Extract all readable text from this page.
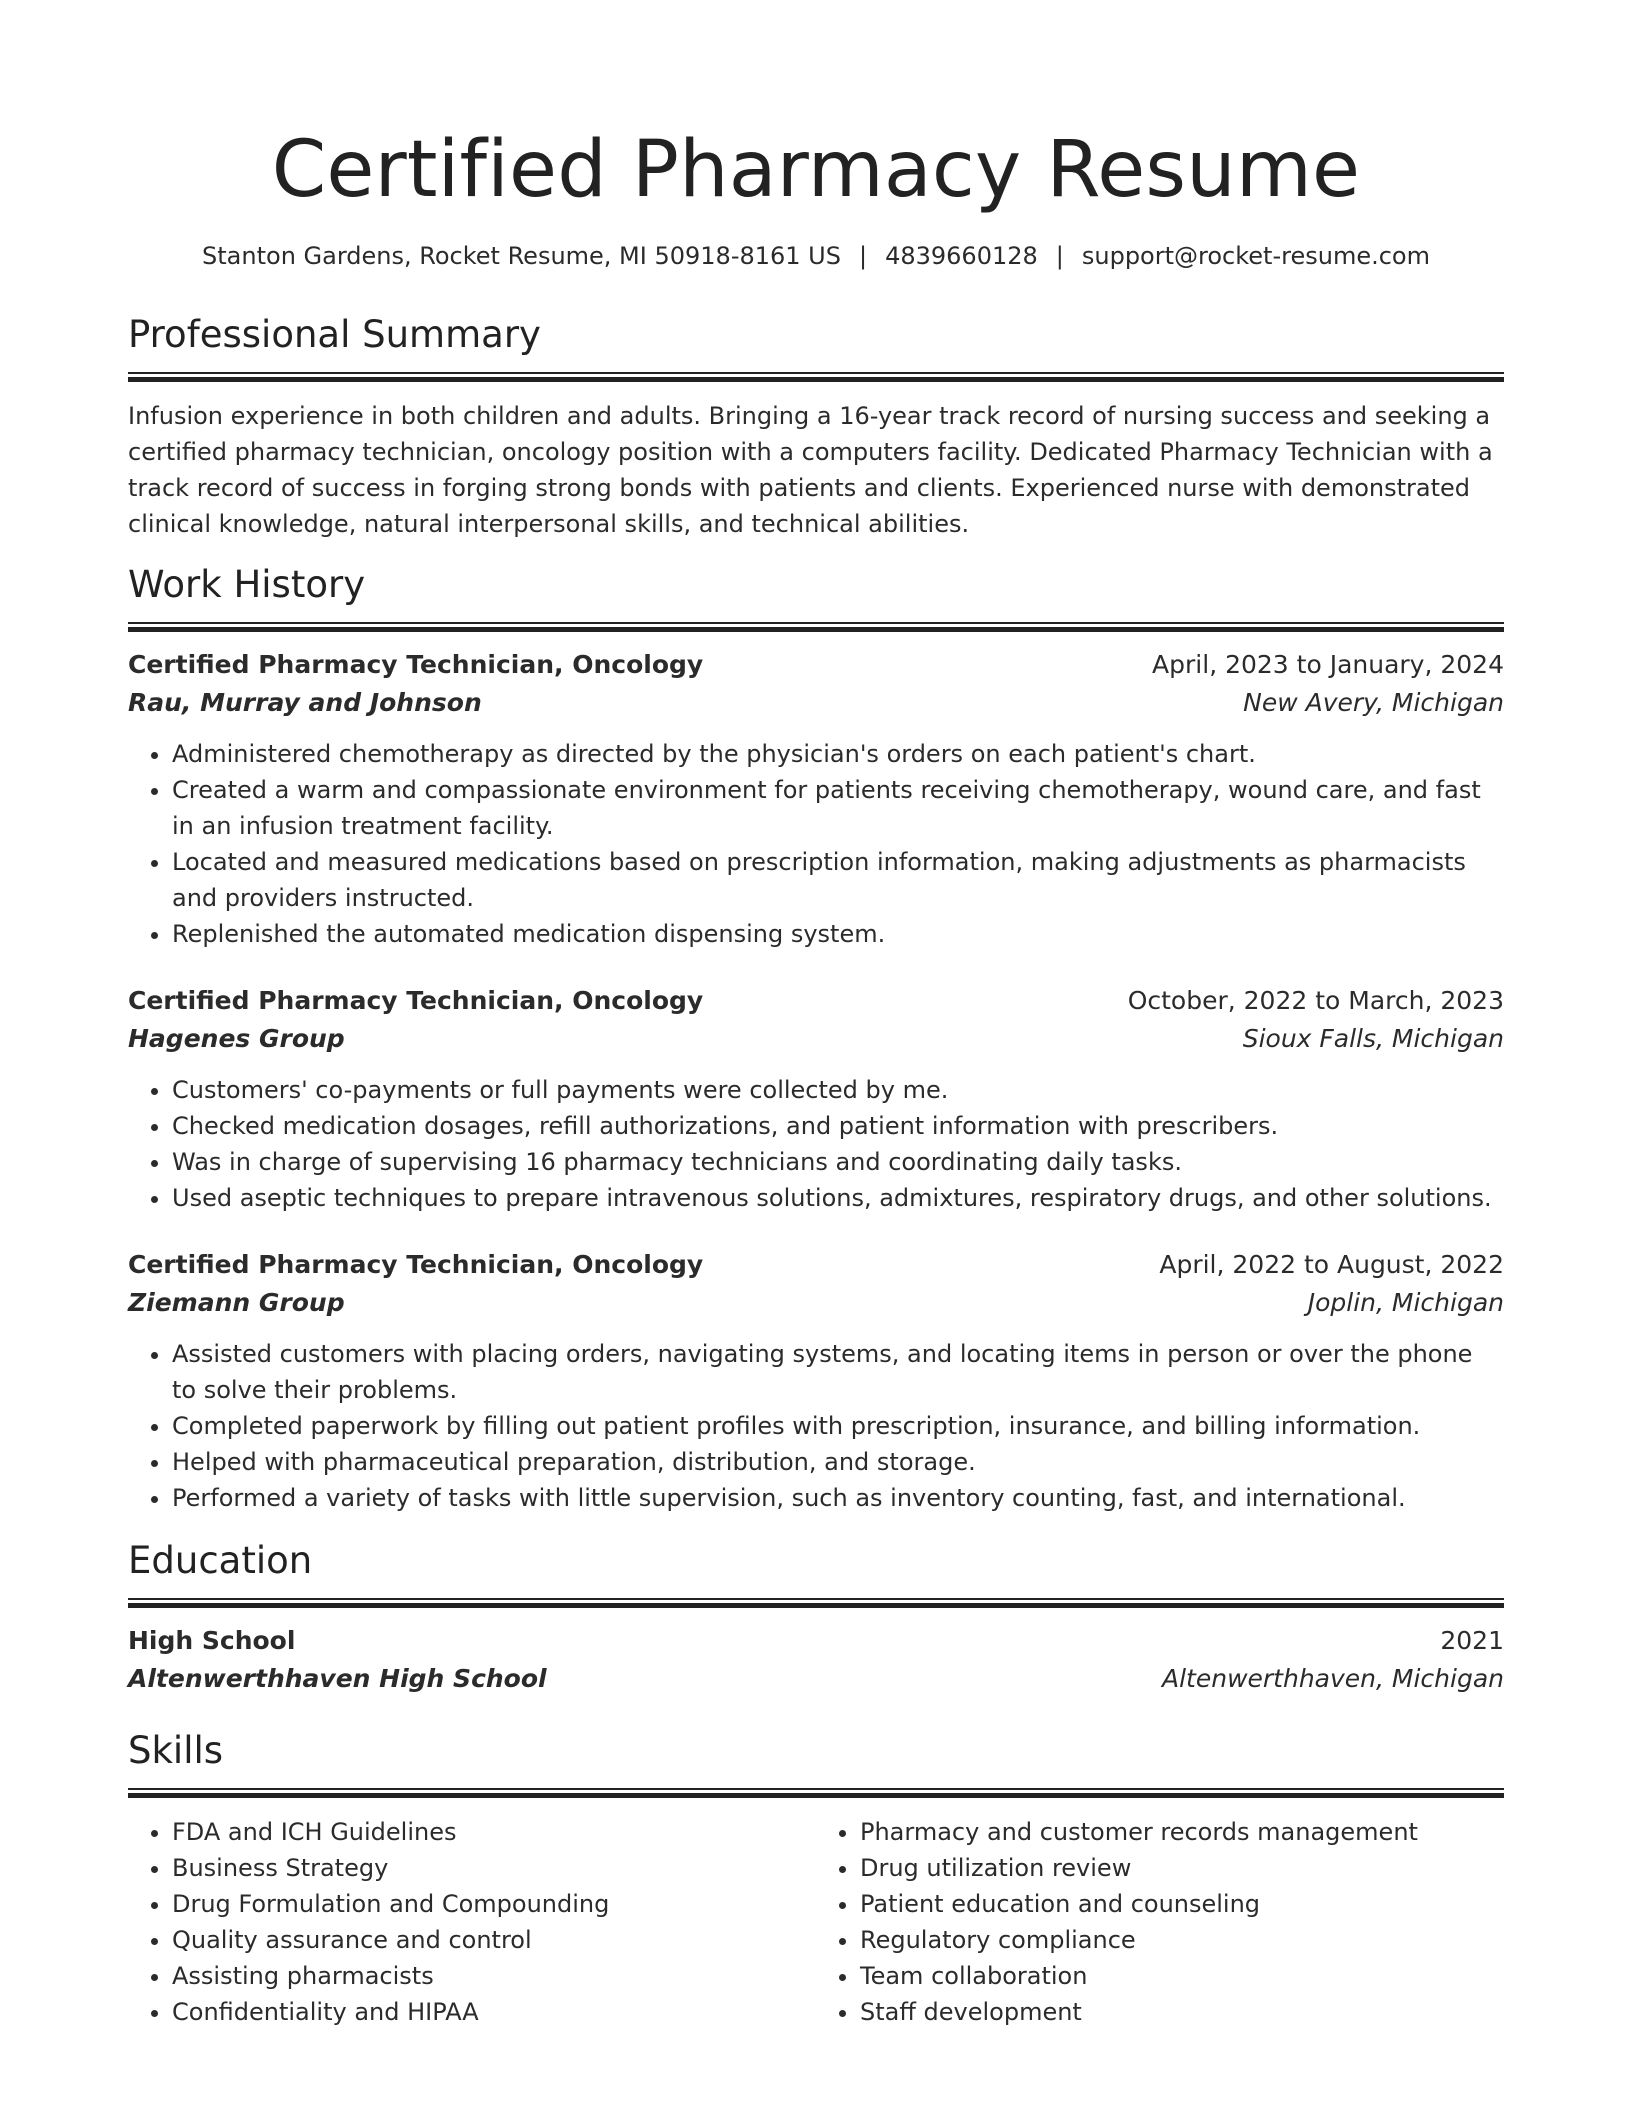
Certified Pharmacy Resume
Stanton Gardens, Rocket Resume, MI 50918-8161 US | 4839660128 | support@rocket-resume.com
Professional Summary

Infusion experience in both children and adults. Bringing a 16-year track record of nursing success and seeking a certified pharmacy technician, oncology position with a computers facility. Dedicated Pharmacy Technician with a track record of success in forging strong bonds with patients and clients. Experienced nurse with demonstrated clinical knowledge, natural interpersonal skills, and technical abilities.

Work History
Certified Pharmacy Technician, Oncology	April, 2023 to January, 2024
Rau, Murray and Johnson	New Avery, Michigan
• Administered chemotherapy as directed by the physician's orders on each patient's chart.
• Created a warm and compassionate environment for patients receiving chemotherapy, wound care, and fast in an infusion treatment facility.
• Located and measured medications based on prescription information, making adjustments as pharmacists and providers instructed.
• Replenished the automated medication dispensing system.
Certified Pharmacy Technician, Oncology	October, 2022 to March, 2023
Hagenes Group	Sioux Falls, Michigan
• Customers' co-payments or full payments were collected by me.
• Checked medication dosages, refill authorizations, and patient information with prescribers.
• Was in charge of supervising 16 pharmacy technicians and coordinating daily tasks.
• Used aseptic techniques to prepare intravenous solutions, admixtures, respiratory drugs, and other solutions.
Certified Pharmacy Technician, Oncology	April, 2022 to August, 2022
Ziemann Group	Joplin, Michigan
• Assisted customers with placing orders, navigating systems, and locating items in person or over the phone to solve their problems.
• Completed paperwork by filling out patient profiles with prescription, insurance, and billing information.
• Helped with pharmaceutical preparation, distribution, and storage.
• Performed a variety of tasks with little supervision, such as inventory counting, fast, and international.
Education
High School	2021
Altenwerthhaven High School	Altenwerthhaven, Michigan
Skills
• FDA and ICH Guidelines
• Business Strategy
• Drug Formulation and Compounding
• Quality assurance and control
• Assisting pharmacists
• Confidentiality and HIPAA
• Pharmacy and customer records management
• Drug utilization review
• Patient education and counseling
• Regulatory compliance
• Team collaboration
• Staff development
